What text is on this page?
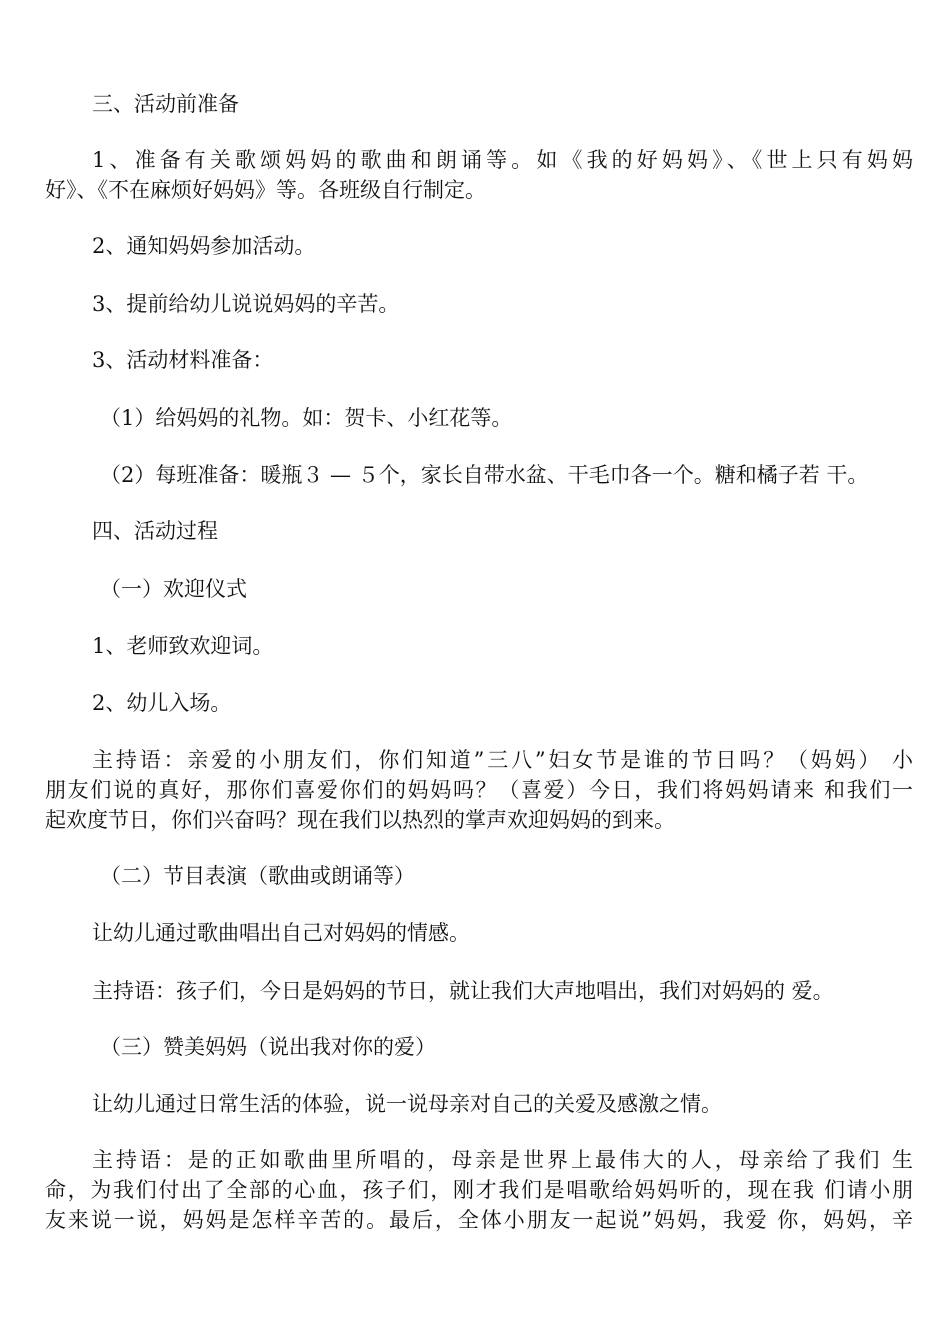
三、活动前准备

1、准备有关歌颂妈妈的歌曲和朗诵等。如《我的好妈妈》、《世上只有妈妈

好》、《不在麻烦好妈妈》等。各班级自行制定。

2、通知妈妈参加活动。

3、提前给幼儿说说妈妈的辛苦。

3、活动材料准备：

（1）给妈妈的礼物。如：贺卡、小红花等。

（2）每班准备：暖瓶３ — ５个，家长自带水盆、干毛巾各一个。糖和橘子若 干。

四、活动过程

（一）欢迎仪式

1、老师致欢迎词。

2、幼儿入场。

主持语：亲爱的小朋友们，你们知道”三八”妇女节是谁的节日吗？（妈妈） 小

朋友们说的真好，那你们喜爱你们的妈妈吗？（喜爱）今日，我们将妈妈请来 和我们一

起欢度节日，你们兴奋吗？现在我们以热烈的掌声欢迎妈妈的到来。

（二）节目表演（歌曲或朗诵等）

让幼儿通过歌曲唱出自己对妈妈的情感。

主持语：孩子们，今日是妈妈的节日，就让我们大声地唱出，我们对妈妈的 爱。

（三）赞美妈妈（说出我对你的爱）

让幼儿通过日常生活的体验，说一说母亲对自己的关爱及感激之情。

主持语：是的正如歌曲里所唱的，母亲是世界上最伟大的人，母亲给了我们 生

命，为我们付出了全部的心血，孩子们，刚才我们是唱歌给妈妈听的，现在我 们请小朋

友来说一说，妈妈是怎样辛苦的。最后，全体小朋友一起说”妈妈，我爱 你，妈妈，辛
